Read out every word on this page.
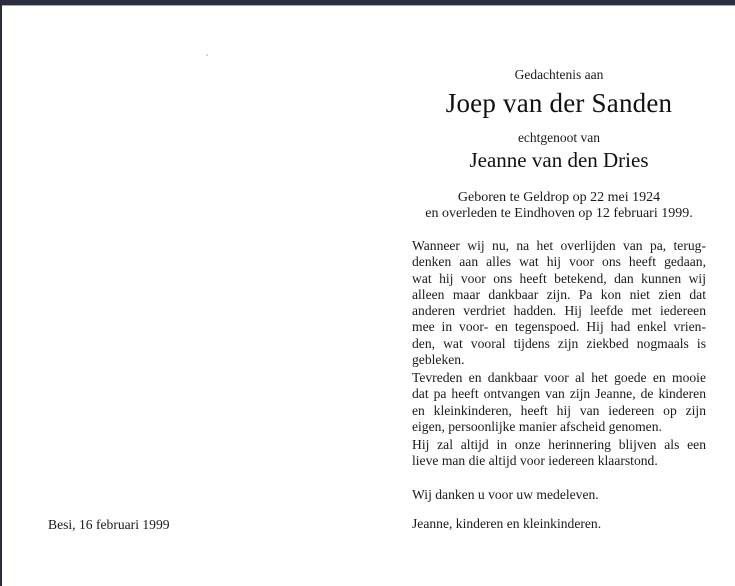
Besi, 16 februari 1999
Gedachtenis aan
Joep van der Sanden
echtgenoot van
Jeanne van den Dries
Geboren te Geldrop op 22 mei 1924
en overleden te Eindhoven op 12 februari 1999.
Wanneer wij nu, na het overlijden van pa, terug-
denken aan alles wat hij voor ons heeft gedaan,
wat hij voor ons heeft betekend, dan kunnen wij
alleen maar dankbaar zijn. Pa kon niet zien dat
anderen verdriet hadden. Hij leefde met iedereen
mee in voor- en tegenspoed. Hij had enkel vrien-
den, wat vooral tijdens zijn ziekbed nogmaals is
gebleken.
Tevreden en dankbaar voor al het goede en mooie
dat pa heeft ontvangen van zijn Jeanne, de kinderen
en kleinkinderen, heeft hij van iedereen op zijn
eigen, persoonlijke manier afscheid genomen.
Hij zal altijd in onze herinnering blijven als een
lieve man die altijd voor iedereen klaarstond.
Wij danken u voor uw medeleven.
Jeanne, kinderen en kleinkinderen.
